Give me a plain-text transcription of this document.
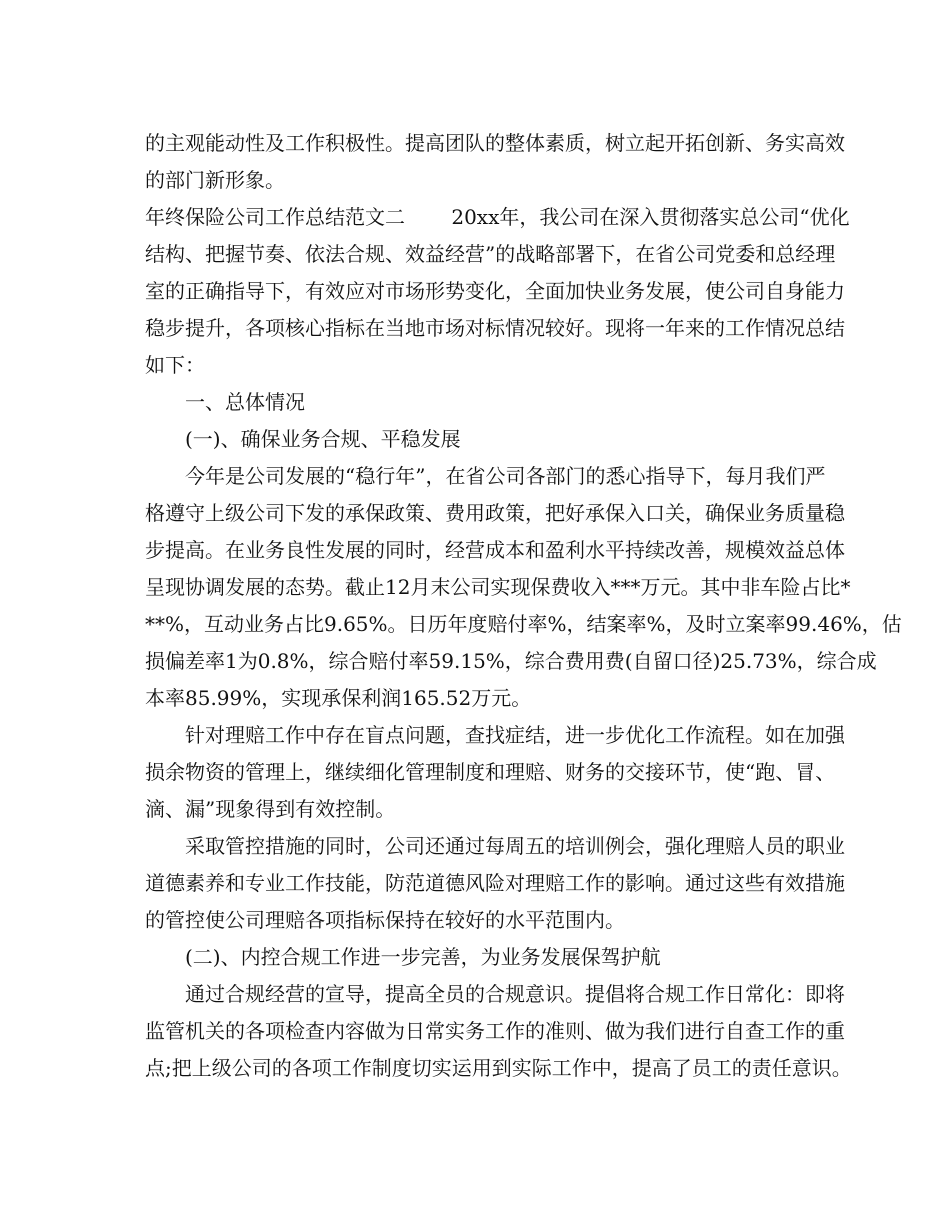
的主观能动性及工作积极性。提高团队的整体素质，树立起开拓创新、务实高效
的部门新形象。
年终保险公司工作总结范文二　　 20xx年，我公司在深入贯彻落实总公司“优化
结构、把握节奏、依法合规、效益经营”的战略部署下，在省公司党委和总经理
室的正确指导下，有效应对市场形势变化，全面加快业务发展，使公司自身能力
稳步提升，各项核心指标在当地市场对标情况较好。现将一年来的工作情况总结
如下：
　　一、总体情况
　　(一)、确保业务合规、平稳发展
　　今年是公司发展的“稳行年”，在省公司各部门的悉心指导下，每月我们严
格遵守上级公司下发的承保政策、费用政策，把好承保入口关，确保业务质量稳
步提高。在业务良性发展的同时，经营成本和盈利水平持续改善，规模效益总体
呈现协调发展的态势。截止12月末公司实现保费收入***万元。其中非车险占比*
**%，互动业务占比9.65%。日历年度赔付率%，结案率%，及时立案率99.46%，估
损偏差率1为0.8%，综合赔付率59.15%，综合费用费(自留口径)25.73%，综合成
本率85.99%，实现承保利润165.52万元。
　　针对理赔工作中存在盲点问题，查找症结，进一步优化工作流程。如在加强
损余物资的管理上，继续细化管理制度和理赔、财务的交接环节，使“跑、冒、
滴、漏”现象得到有效控制。
　　采取管控措施的同时，公司还通过每周五的培训例会，强化理赔人员的职业
道德素养和专业工作技能，防范道德风险对理赔工作的影响。通过这些有效措施
的管控使公司理赔各项指标保持在较好的水平范围内。
　　(二)、内控合规工作进一步完善，为业务发展保驾护航
　　通过合规经营的宣导，提高全员的合规意识。提倡将合规工作日常化：即将
监管机关的各项检查内容做为日常实务工作的准则、做为我们进行自查工作的重
点;把上级公司的各项工作制度切实运用到实际工作中，提高了员工的责任意识。
